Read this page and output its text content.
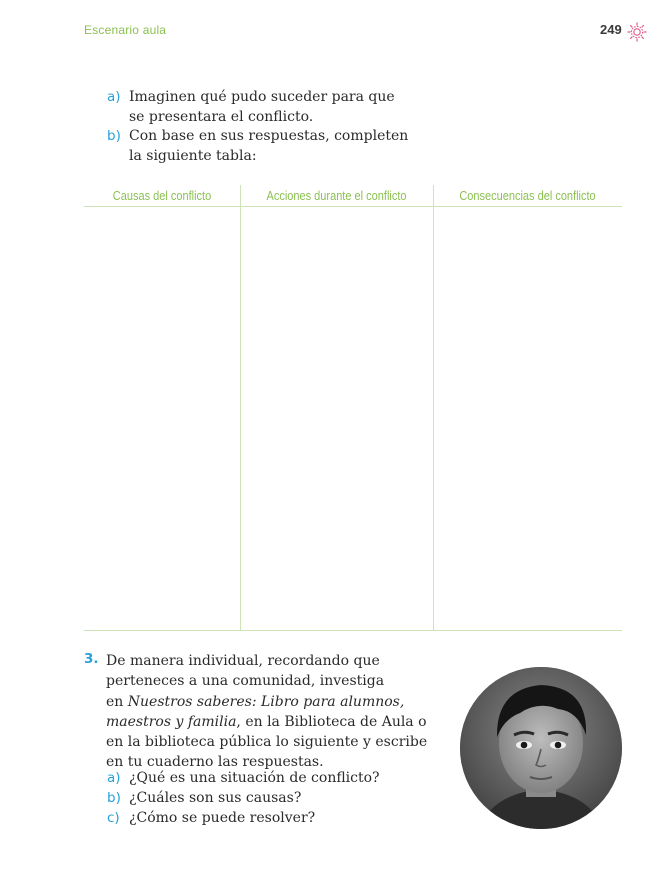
Escenario aula	249
a) Imaginen qué pudo suceder para que
se presentara el conflicto.
b) Con base en sus respuestas, completen
la siguiente tabla:
Causas del conflicto	Acciones durante el conflicto	Consecuencias del conflicto
3. De manera individual, recordando que
perteneces a una comunidad, investiga
en Nuestros saberes: Libro para alumnos,
maestros y familia, en la Biblioteca de Aula o
en la biblioteca pública lo siguiente y escribe
en tu cuaderno las respuestas.
a) ¿Qué es una situación de conflicto?
b) ¿Cuáles son sus causas?
c) ¿Cómo se puede resolver?
